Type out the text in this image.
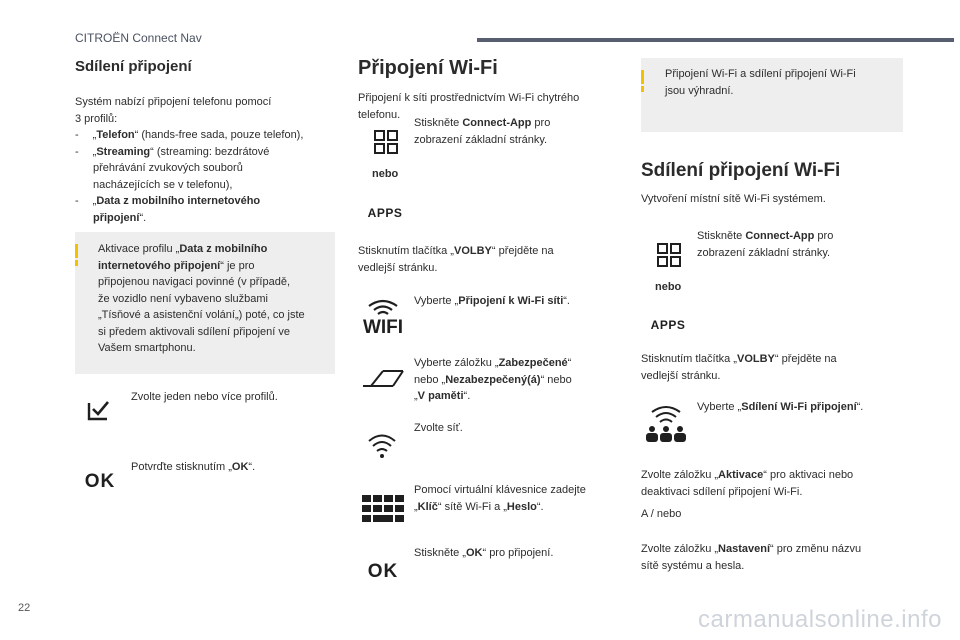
CITROËN Connect Nav
Sdílení připojení
Systém nabízí připojení telefonu pomocí
3 profilů:
- „Telefon“ (hands-free sada, pouze telefon),
- „Streaming“ (streaming: bezdrátové
přehrávání zvukových souborů
nacházejících se v telefonu),
- „Data z mobilního internetového
připojení“.
Aktivace profilu „Data z mobilního
internetového připojení“ je pro
připojenou navigaci povinné (v případě,
že vozidlo není vybaveno službami
„Tísňové a asistenční volání„) poté, co jste
si předem aktivovali sdílení připojení ve
Vašem smartphonu.
Zvolte jeden nebo více profilů.
OK
Potvrďte stisknutím „OK“.
Připojení Wi-Fi
Připojení k síti prostřednictvím Wi-Fi chytrého
telefonu.
Stiskněte Connect-App pro
zobrazení základní stránky.
nebo
APPS
Stisknutím tlačítka „VOLBY“ přejděte na
vedlejší stránku.
WIFI
Vyberte „Připojení k Wi-Fi síti“.
Vyberte záložku „Zabezpečené“
nebo „Nezabezpečený(á)“ nebo
„V paměti“.
Zvolte síť.
Pomocí virtuální klávesnice zadejte
„Klíč“ sítě Wi-Fi a „Heslo“.
OK
Stiskněte „OK“ pro připojení.
Připojení Wi-Fi a sdílení připojení Wi-Fi
jsou výhradní.
Sdílení připojení Wi-Fi
Vytvoření místní sítě Wi-Fi systémem.
Stiskněte Connect-App pro
zobrazení základní stránky.
nebo
APPS
Stisknutím tlačítka „VOLBY“ přejděte na
vedlejší stránku.
Vyberte „Sdílení Wi-Fi připojení“.
Zvolte záložku „Aktivace“ pro aktivaci nebo
deaktivaci sdílení připojení Wi-Fi.
A / nebo
Zvolte záložku „Nastavení“ pro změnu názvu
sítě systému a hesla.
22	carmanualsonline.info
